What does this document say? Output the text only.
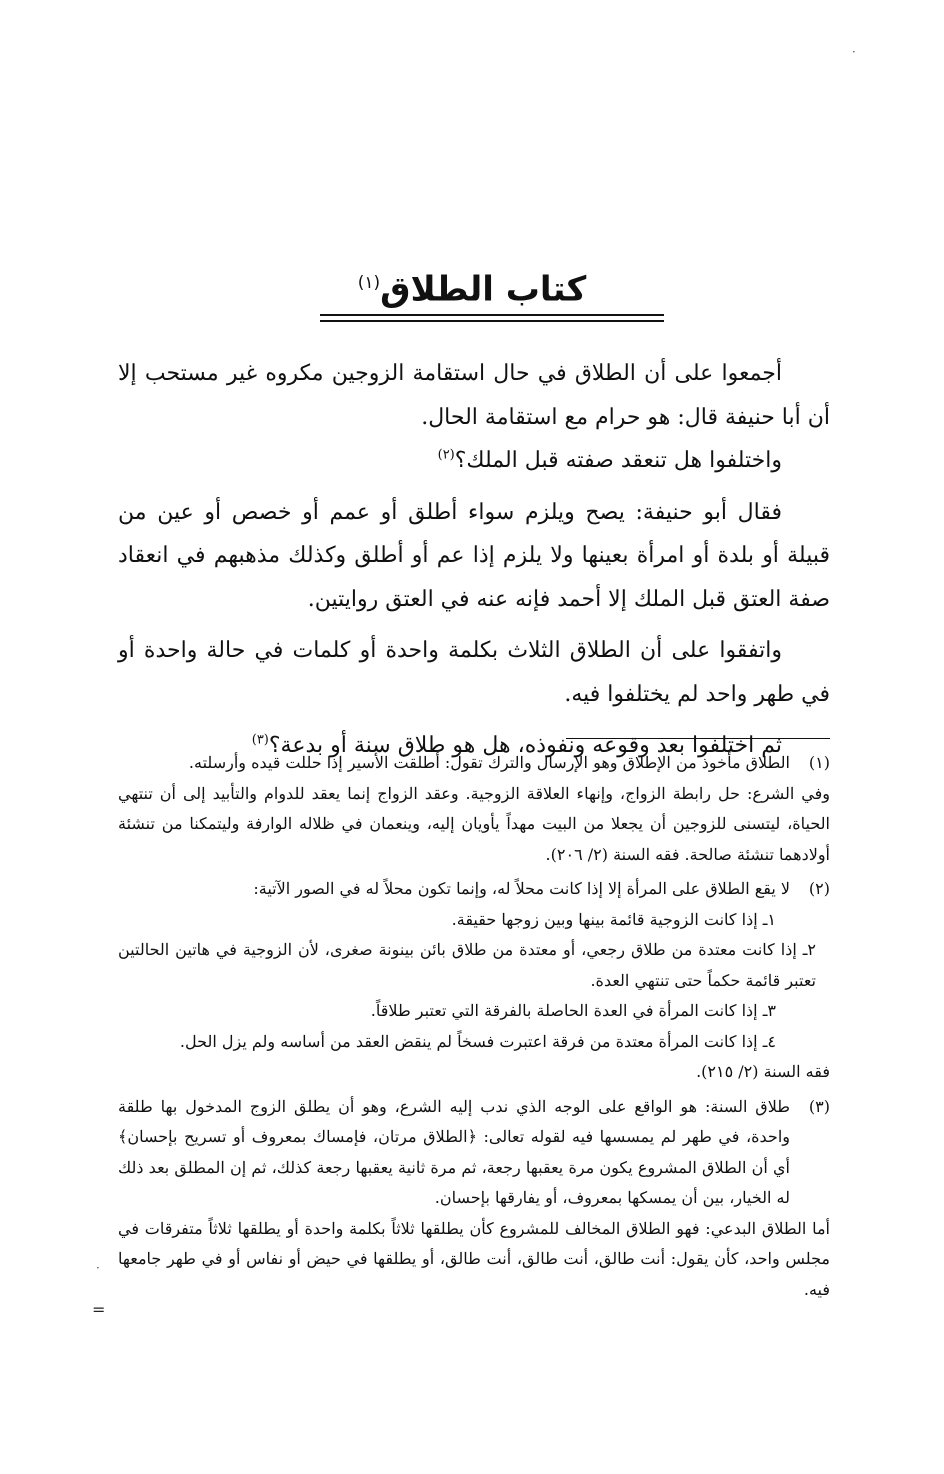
كتاب الطلاق$^{(١)}$

أجمعوا على أن الطلاق في حال استقامة الزوجين مكروه غير مستحب إلا أن أبا حنيفة قال: هو حرام مع استقامة الحال.

واختلفوا هل تنعقد صفته قبل الملك؟$^{(٢)}$

فقال أبو حنيفة: يصح ويلزم سواء أطلق أو عمم أو خصص أو عين من قبيلة أو بلدة أو امرأة بعينها ولا يلزم إذا عم أو أطلق وكذلك مذهبهم في انعقاد صفة العتق قبل الملك إلا أحمد فإنه عنه في العتق روايتين.

واتفقوا على أن الطلاق الثلاث بكلمة واحدة أو كلمات في حالة واحدة أو في طهر واحد لم يختلفوا فيه.

ثم اختلفوا بعد وقوعه ونفوذه، هل هو طلاق سنة أو بدعة؟$^{(٣)}$

(١)

الطلاق مأخوذ من الإطلاق وهو الإرسال والترك تقول: أطلقت الأسير إذا حللت قيده وأرسلته.

وفي الشرع: حل رابطة الزواج، وإنهاء العلاقة الزوجية. وعقد الزواج إنما يعقد للدوام والتأبيد إلى أن تنتهي الحياة، ليتسنى للزوجين أن يجعلا من البيت مهداً يأويان إليه، وينعمان في ظلاله الوارفة وليتمكنا من تنشئة أولادهما تنشئة صالحة. فقه السنة (٢/ ٢٠٦).

(٢)

لا يقع الطلاق على المرأة إلا إذا كانت محلاً له، وإنما تكون محلاً له في الصور الآتية:

١ـ إذا كانت الزوجية قائمة بينها وبين زوجها حقيقة.

٢ـ إذا كانت معتدة من طلاق رجعي، أو معتدة من طلاق بائن بينونة صغرى، لأن الزوجية في هاتين الحالتين تعتبر قائمة حكماً حتى تنتهي العدة.

٣ـ إذا كانت المرأة في العدة الحاصلة بالفرقة التي تعتبر طلاقاً.

٤ـ إذا كانت المرأة معتدة من فرقة اعتبرت فسخاً لم ينقض العقد من أساسه ولم يزل الحل.

فقه السنة (٢/ ٢١٥).

(٣)

طلاق السنة: هو الواقع على الوجه الذي ندب إليه الشرع، وهو أن يطلق الزوج المدخول بها طلقة واحدة، في طهر لم يمسسها فيه لقوله تعالى: ﴿الطلاق مرتان، فإمساك بمعروف أو تسريح بإحسان﴾ أي أن الطلاق المشروع يكون مرة يعقبها رجعة، ثم مرة ثانية يعقبها رجعة كذلك، ثم إن المطلق بعد ذلك له الخيار، بين أن يمسكها بمعروف، أو يفارقها بإحسان.

أما الطلاق البدعي: فهو الطلاق المخالف للمشروع كأن يطلقها ثلاثاً بكلمة واحدة أو يطلقها ثلاثاً متفرقات في مجلس واحد، كأن يقول: أنت طالق، أنت طالق، أنت طالق، أو يطلقها في حيض أو نفاس أو في طهر جامعها فيه.

·
·
=
